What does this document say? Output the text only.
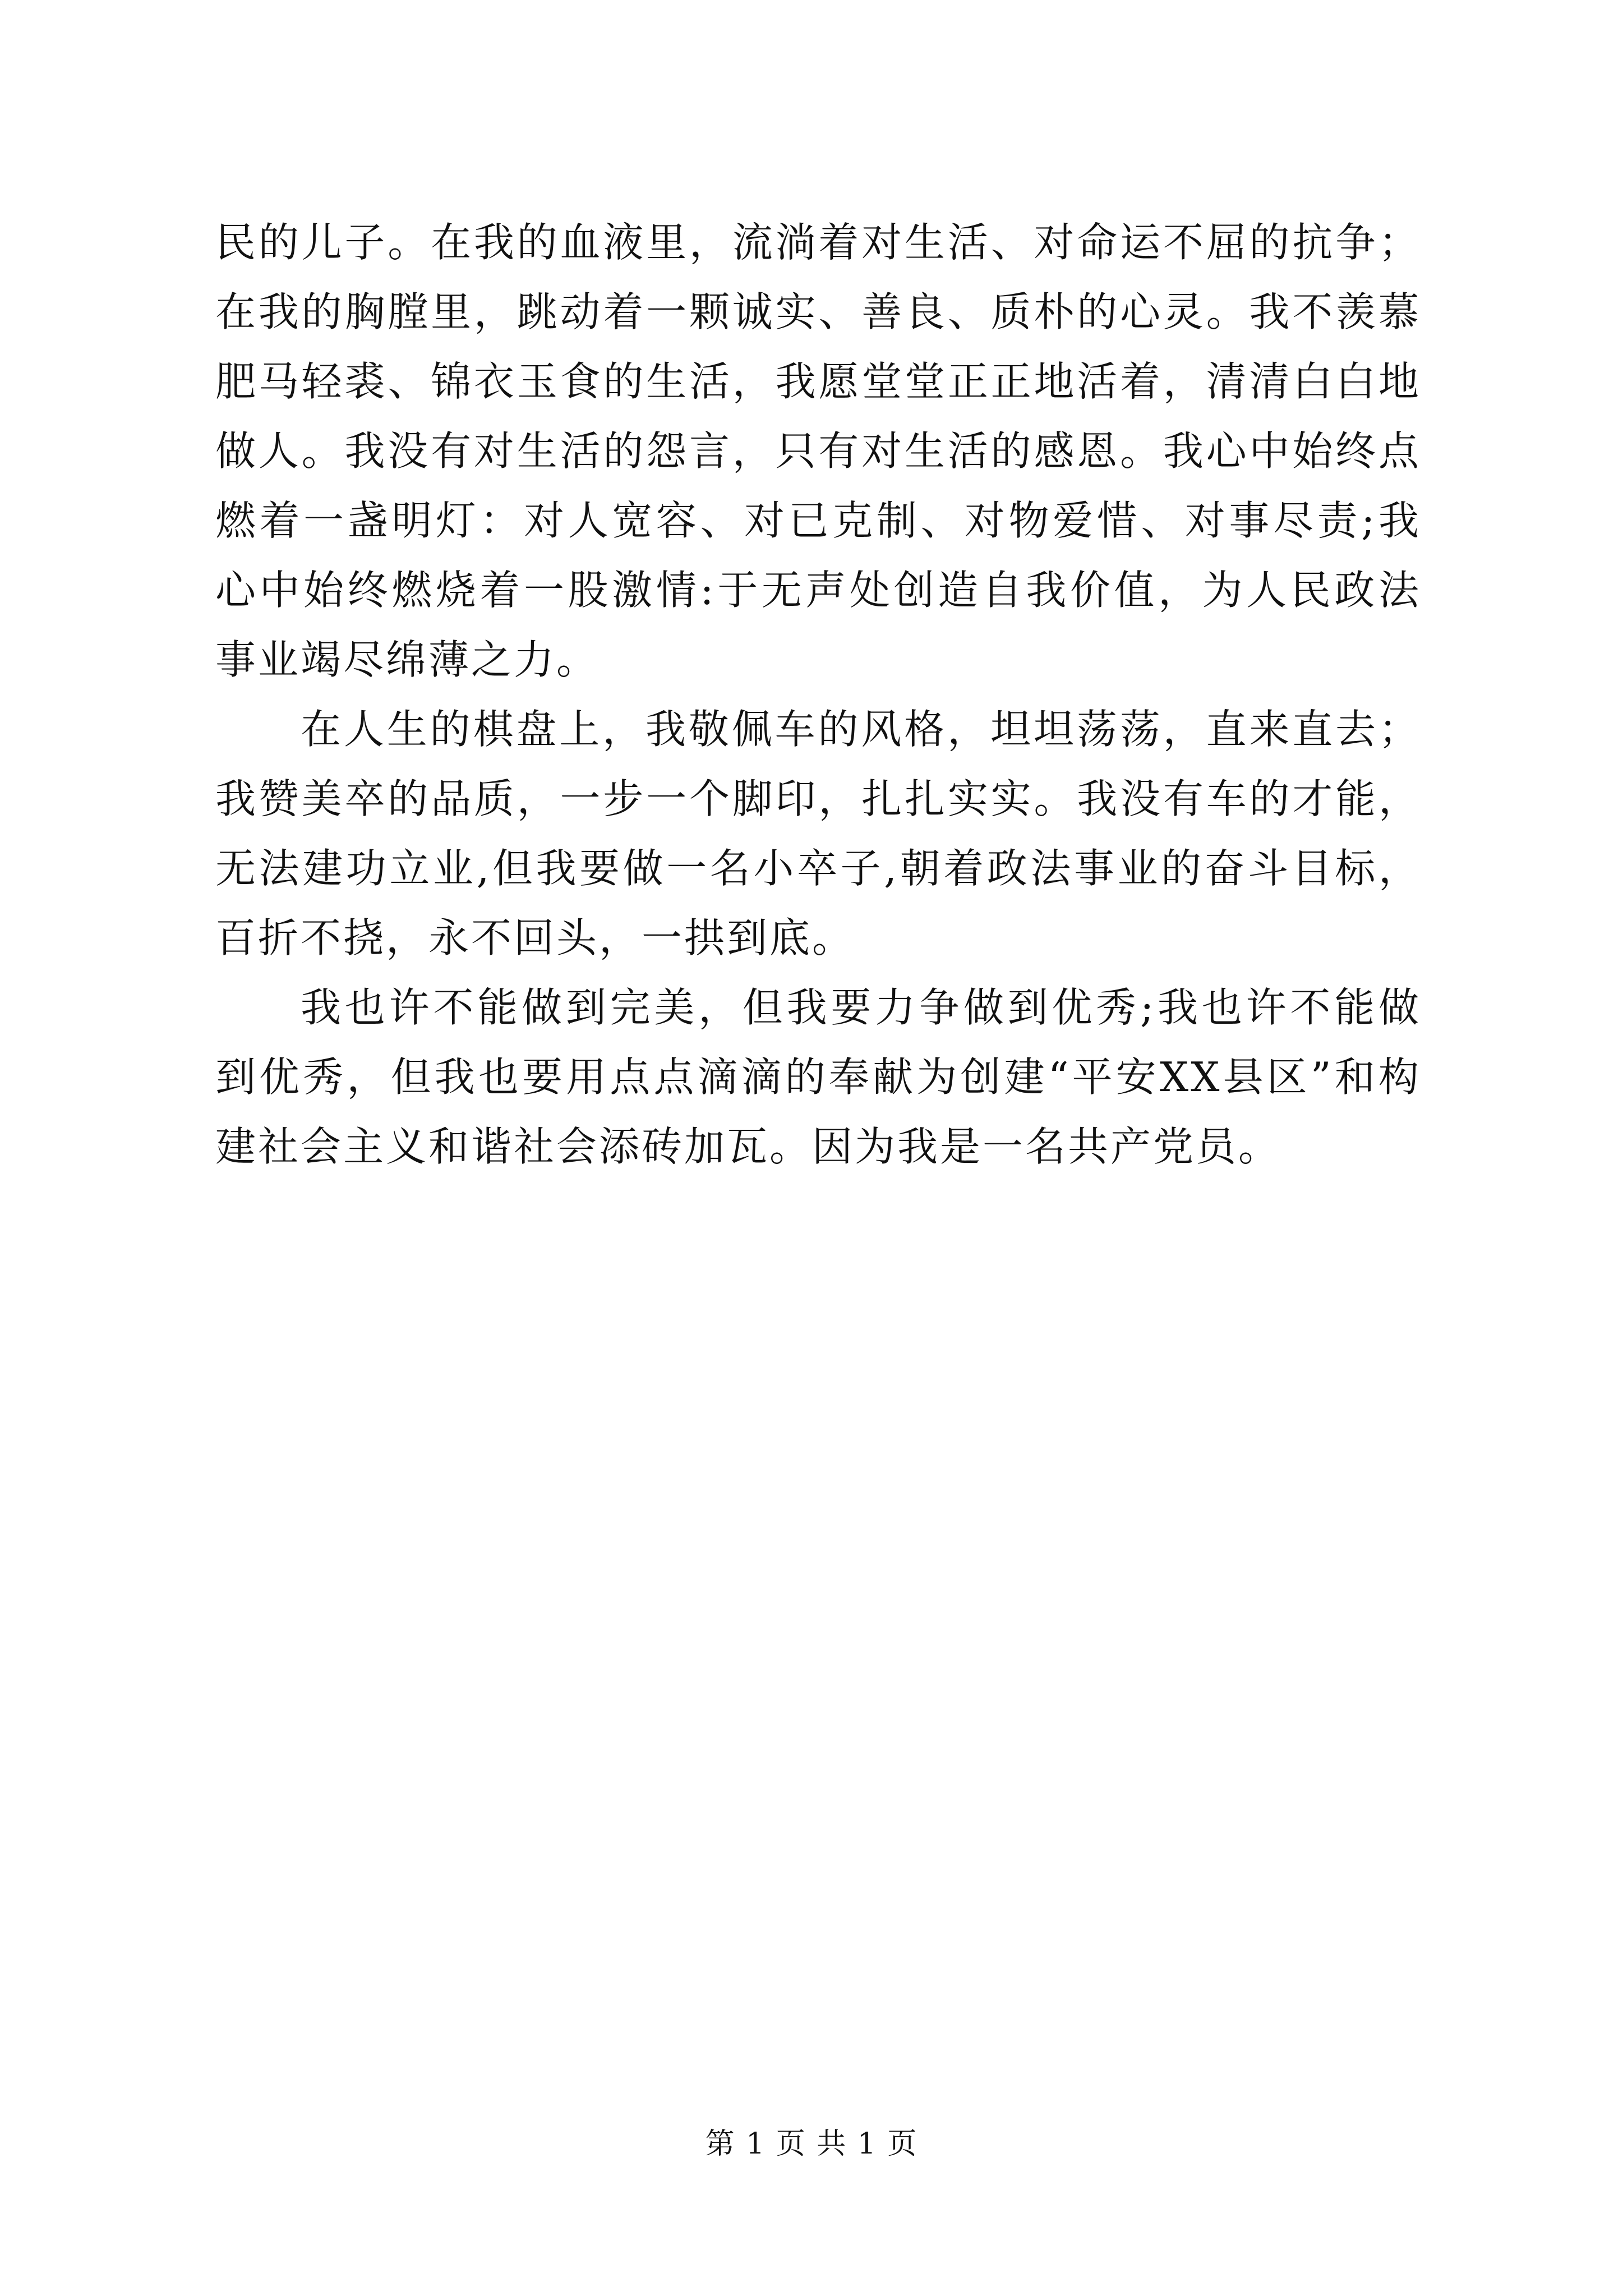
民的儿子。在我的血液里，流淌着对生活、对命运不屈的抗争；在我的胸膛里，跳动着一颗诚实、善良、质朴的心灵。我不羡慕肥马轻裘、锦衣玉食的生活，我愿堂堂正正地活着，清清白白地做人。我没有对生活的怨言，只有对生活的感恩。我心中始终点燃着一盏明灯：对人宽容、对已克制、对物爱惜、对事尽责;我心中始终燃烧着一股激情:于无声处创造自我价值，为人民政法事业竭尽绵薄之力。

在人生的棋盘上，我敬佩车的风格，坦坦荡荡，直来直去；我赞美卒的品质，一步一个脚印，扎扎实实。我没有车的才能，无法建功立业,但我要做一名小卒子,朝着政法事业的奋斗目标，百折不挠，永不回头，一拱到底。

我也许不能做到完美，但我要力争做到优秀;我也许不能做到优秀，但我也要用点点滴滴的奉献为创建“平安XX县区”和构建社会主义和谐社会添砖加瓦。因为我是一名共产党员。

第 1 页 共 1 页
